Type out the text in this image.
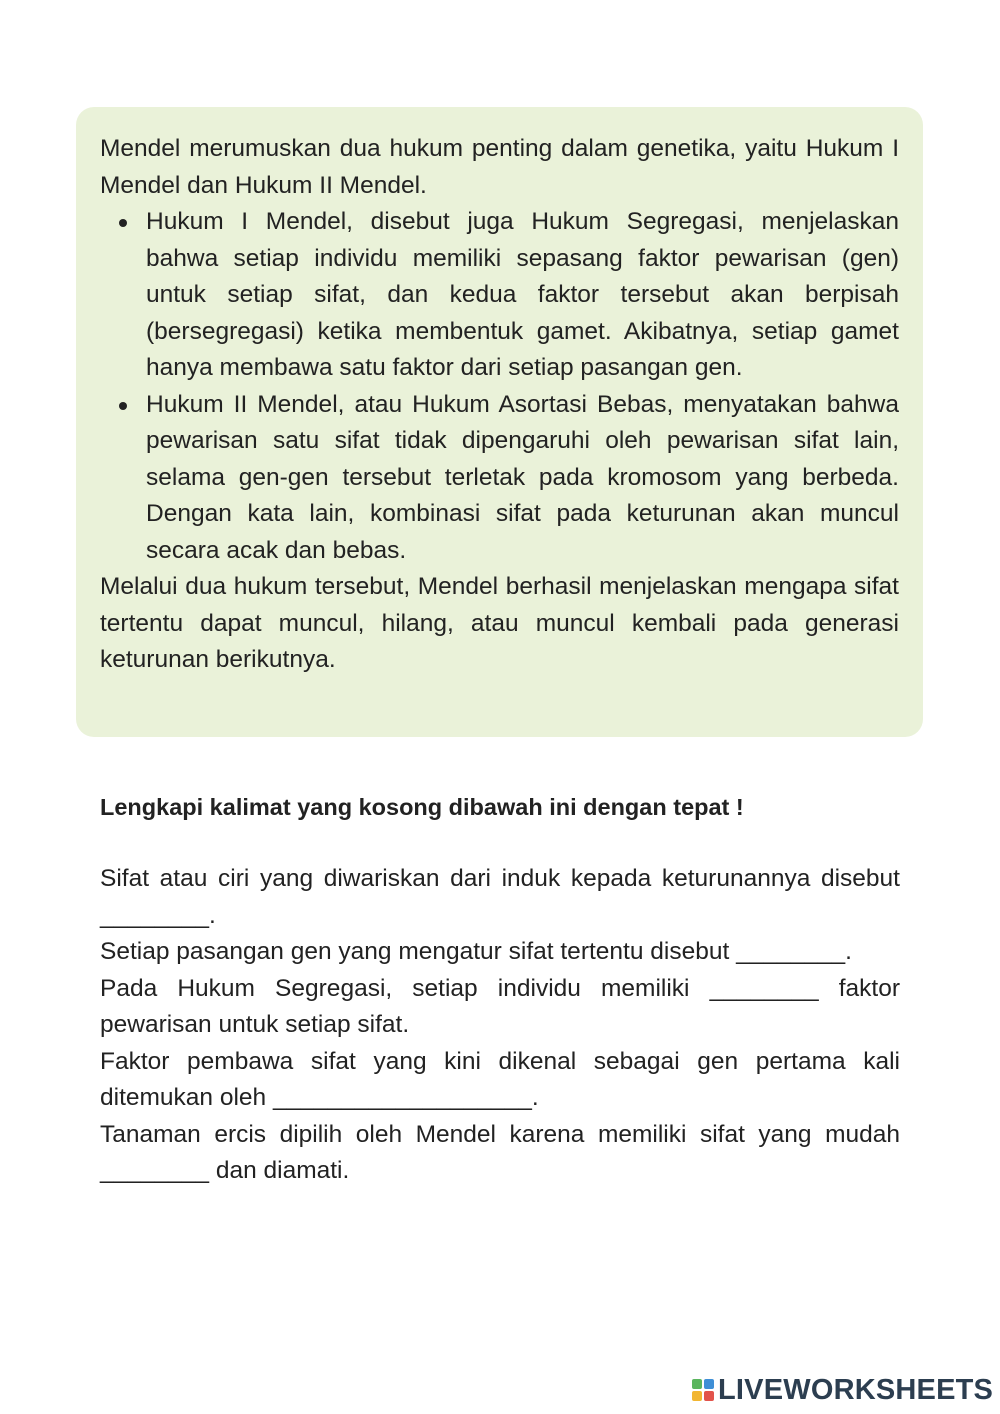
Mendel merumuskan dua hukum penting dalam genetika, yaitu Hukum I Mendel dan Hukum II Mendel.

Hukum I Mendel, disebut juga Hukum Segregasi, menjelaskan bahwa setiap individu memiliki sepasang faktor pewarisan (gen) untuk setiap sifat, dan kedua faktor tersebut akan berpisah (bersegregasi) ketika membentuk gamet. Akibatnya, setiap gamet hanya membawa satu faktor dari setiap pasangan gen.
Hukum II Mendel, atau Hukum Asortasi Bebas, menyatakan bahwa pewarisan satu sifat tidak dipengaruhi oleh pewarisan sifat lain, selama gen-gen tersebut terletak pada kromosom yang berbeda. Dengan kata lain, kombinasi sifat pada keturunan akan muncul secara acak dan bebas.

Melalui dua hukum tersebut, Mendel berhasil menjelaskan mengapa sifat tertentu dapat muncul, hilang, atau muncul kembali pada generasi keturunan berikutnya.

Lengkapi kalimat yang kosong dibawah ini dengan tepat !

Sifat atau ciri yang diwariskan dari induk kepada keturunannya disebut ________.

Setiap pasangan gen yang mengatur sifat tertentu disebut ________.

Pada Hukum Segregasi, setiap individu memiliki ________ faktor pewarisan untuk setiap sifat.

Faktor pembawa sifat yang kini dikenal sebagai gen pertama kali ditemukan oleh ___________________.

Tanaman ercis dipilih oleh Mendel karena memiliki sifat yang mudah ________ dan diamati.

LIVEWORKSHEETS
